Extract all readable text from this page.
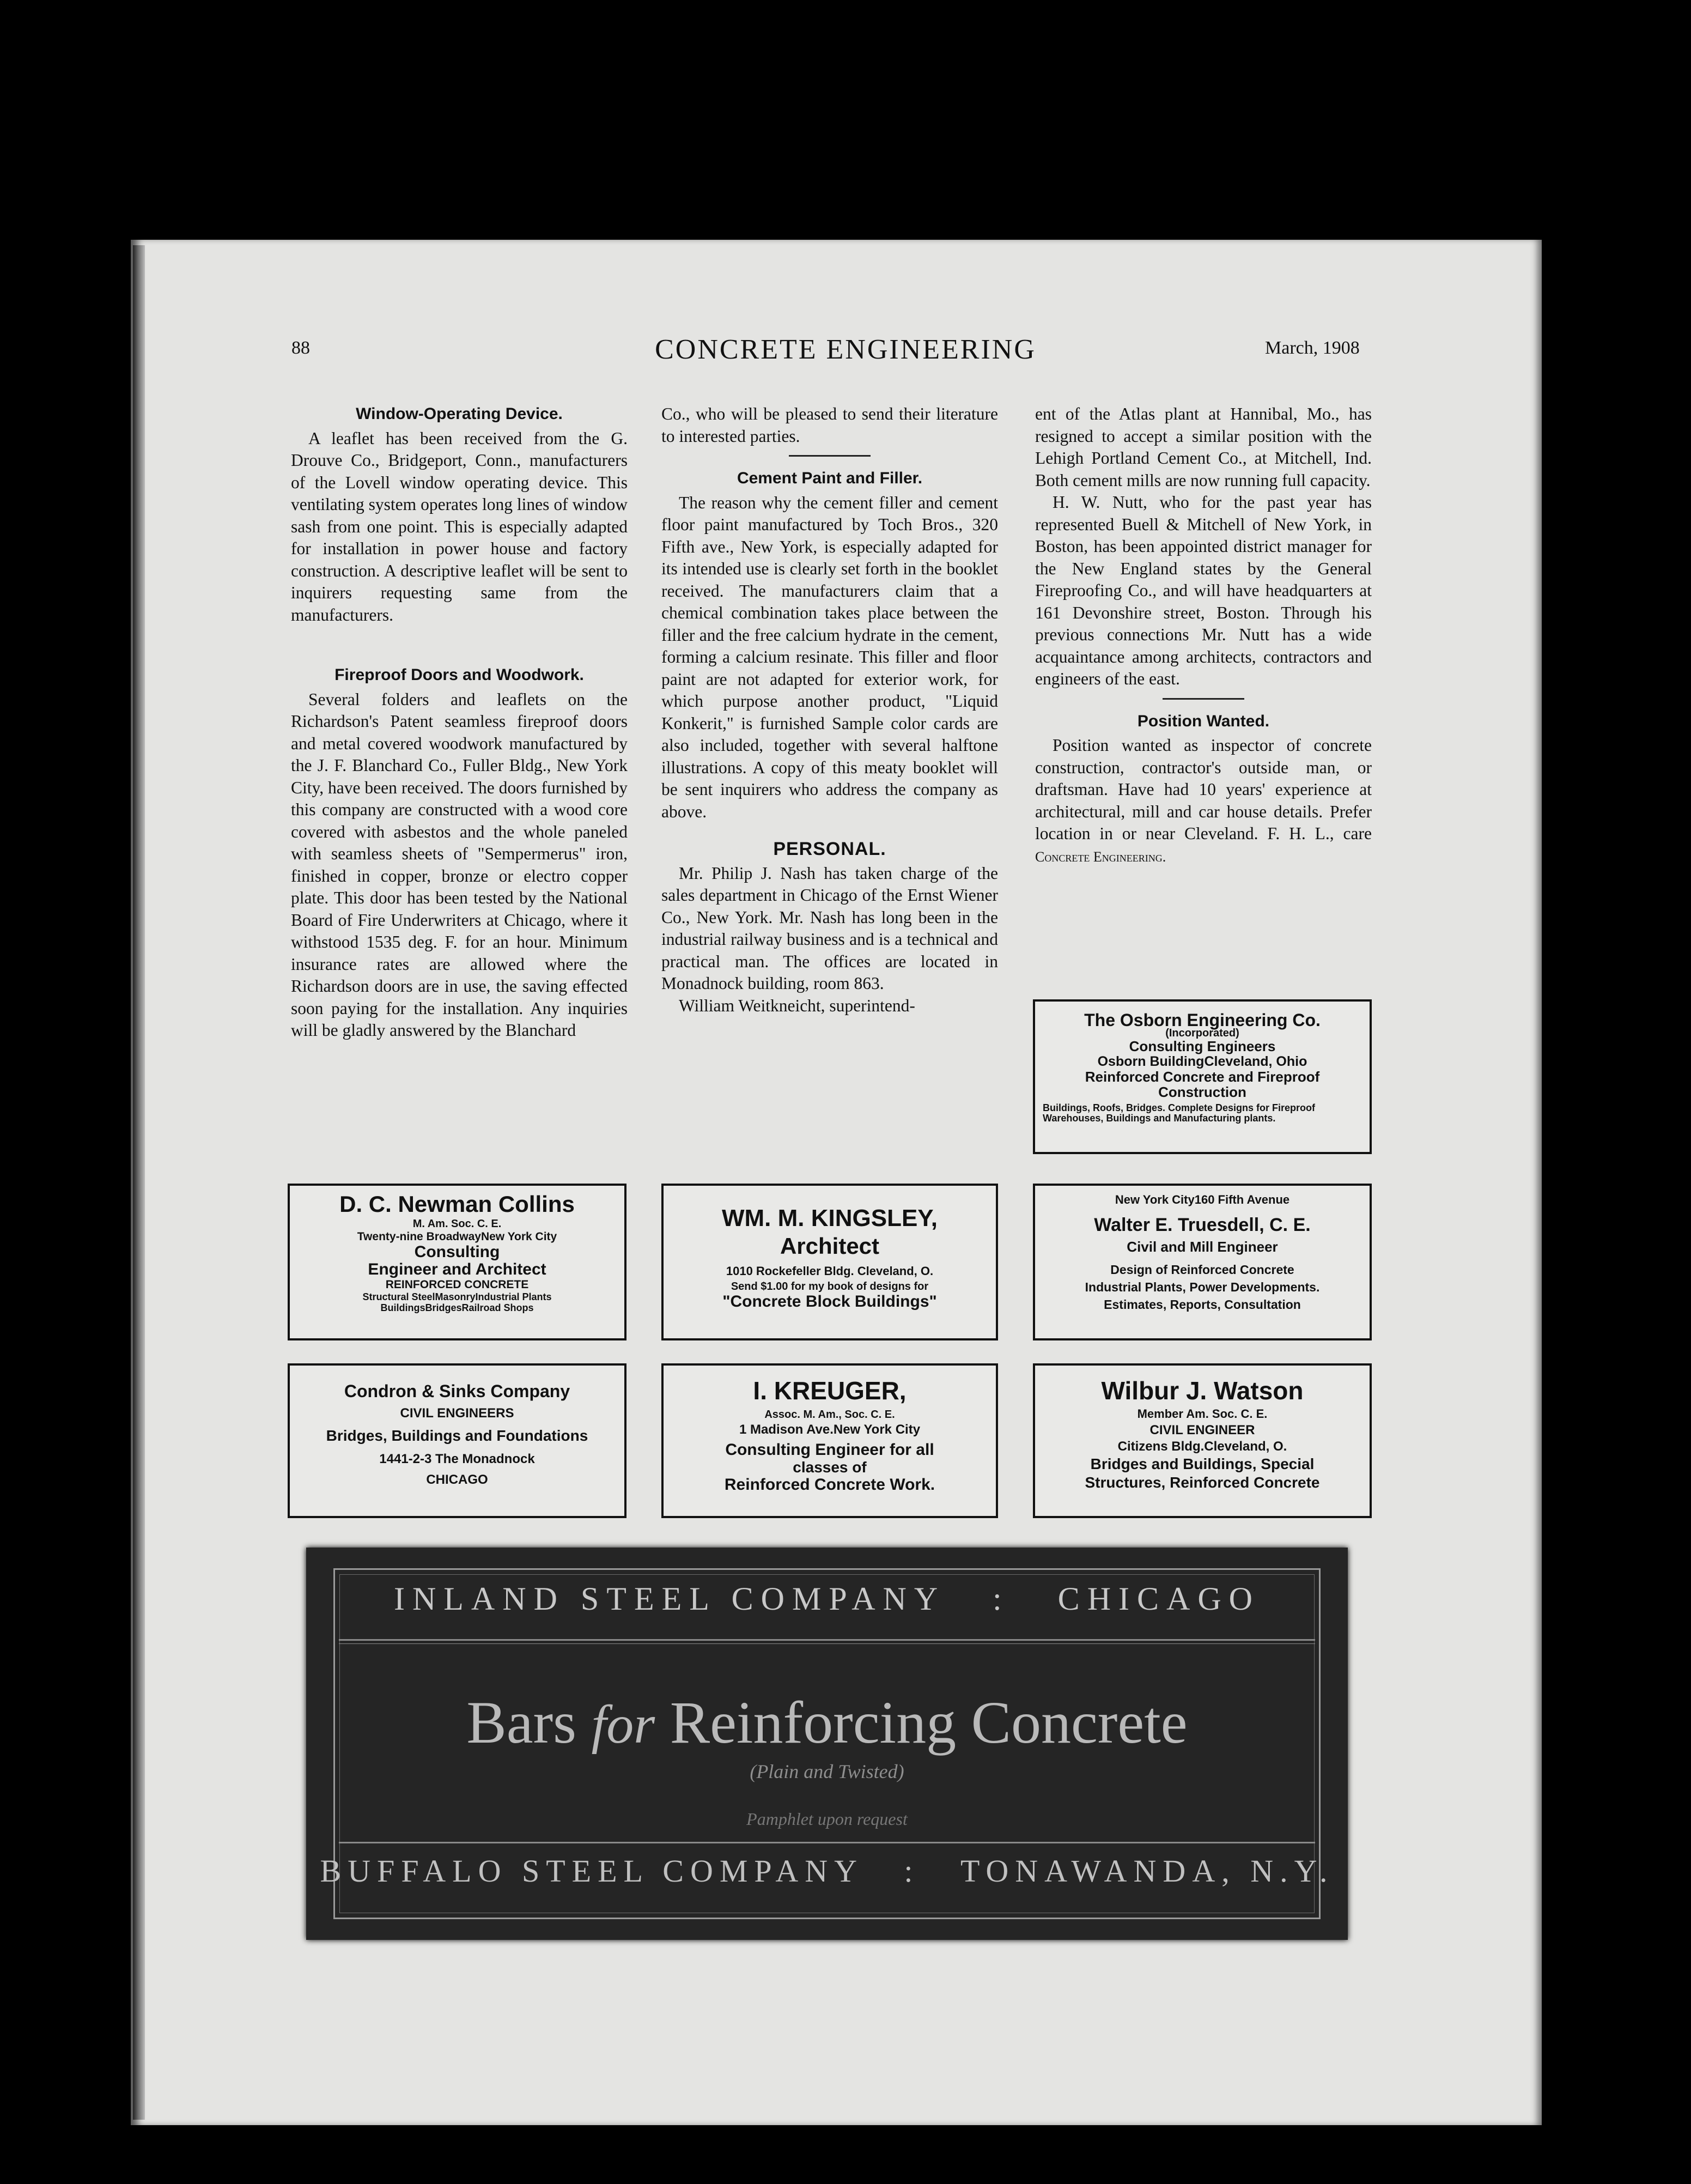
88	CONCRETE ENGINEERING	March, 1908
Window-Operating Device.

A leaflet has been received from the G. Drouve Co., Bridgeport, Conn., manufacturers of the Lovell window operating device. This ventilating system operates long lines of window sash from one point. This is especially adapted for installation in power house and factory construction. A descriptive leaflet will be sent to inquirers requesting same from the manufacturers.

Fireproof Doors and Woodwork.

Several folders and leaflets on the Richardson's Patent seamless fireproof doors and metal covered woodwork manufactured by the J. F. Blanchard Co., Fuller Bldg., New York City, have been received. The doors furnished by this company are constructed with a wood core covered with asbestos and the whole paneled with seamless sheets of "Sempermerus" iron, finished in copper, bronze or electro copper plate. This door has been tested by the National Board of Fire Underwriters at Chicago, where it withstood 1535 deg. F. for an hour. Minimum insurance rates are allowed where the Richardson doors are in use, the saving effected soon paying for the installation. Any inquiries will be gladly answered by the Blanchard

Co., who will be pleased to send their literature to interested parties.

Cement Paint and Filler.

The reason why the cement filler and cement floor paint manufactured by Toch Bros., 320 Fifth ave., New York, is especially adapted for its intended use is clearly set forth in the booklet received. The manufacturers claim that a chemical combination takes place between the filler and the free calcium hydrate in the cement, forming a calcium resinate. This filler and floor paint are not adapted for exterior work, for which purpose another product, "Liquid Konkerit," is furnished Sample color cards are also included, together with several halftone illustrations. A copy of this meaty booklet will be sent inquirers who address the company as above.

PERSONAL.

Mr. Philip J. Nash has taken charge of the sales department in Chicago of the Ernst Wiener Co., New York. Mr. Nash has long been in the industrial railway business and is a technical and practical man. The offices are located in Monadnock building, room 863.

William Weitkneicht, superintend-

ent of the Atlas plant at Hannibal, Mo., has resigned to accept a similar position with the Lehigh Portland Cement Co., at Mitchell, Ind. Both cement mills are now running full capacity.

H. W. Nutt, who for the past year has represented Buell & Mitchell of New York, in Boston, has been appointed district manager for the New England states by the General Fireproofing Co., and will have headquarters at 161 Devonshire street, Boston. Through his previous connections Mr. Nutt has a wide acquaintance among architects, contractors and engineers of the east.

Position Wanted.

Position wanted as inspector of concrete construction, contractor's outside man, or draftsman. Have had 10 years' experience at architectural, mill and car house details. Prefer location in or near Cleveland. F. H. L., care Concrete Engineering.

The Osborn Engineering Co.
(Incorporated)
Consulting Engineers
Osborn BuildingCleveland, Ohio
Reinforced Concrete and Fireproof
Construction
Buildings, Roofs, Bridges. Complete Designs for Fireproof Warehouses, Buildings and Manufacturing plants.
D. C. Newman Collins
M. Am. Soc. C. E.
Twenty-nine BroadwayNew York City
Consulting
Engineer and Architect
REINFORCED CONCRETE
Structural SteelMasonryIndustrial Plants
BuildingsBridgesRailroad Shops
WM. M. KINGSLEY,
Architect
1010 Rockefeller Bldg. Cleveland, O.
Send $1.00 for my book of designs for
"Concrete Block Buildings"
New York City160 Fifth Avenue
Walter E. Truesdell, C. E.
Civil and Mill Engineer
Design of Reinforced Concrete
Industrial Plants, Power Developments.
Estimates, Reports, Consultation
Condron & Sinks Company
CIVIL ENGINEERS
Bridges, Buildings and Foundations
1441-2-3 The Monadnock
CHICAGO
I. KREUGER,
Assoc. M. Am., Soc. C. E.
1 Madison Ave.New York City
Consulting Engineer for all
classes of
Reinforced Concrete Work.
Wilbur J. Watson
Member Am. Soc. C. E.
CIVIL ENGINEER
Citizens Bldg.Cleveland, O.
Bridges and Buildings, Special
Structures, Reinforced Concrete
INLAND STEEL COMPANY : CHICAGO
Bars for Reinforcing Concrete
(Plain and Twisted)
Pamphlet upon request
BUFFALO STEEL COMPANY : TONAWANDA, N.Y.
